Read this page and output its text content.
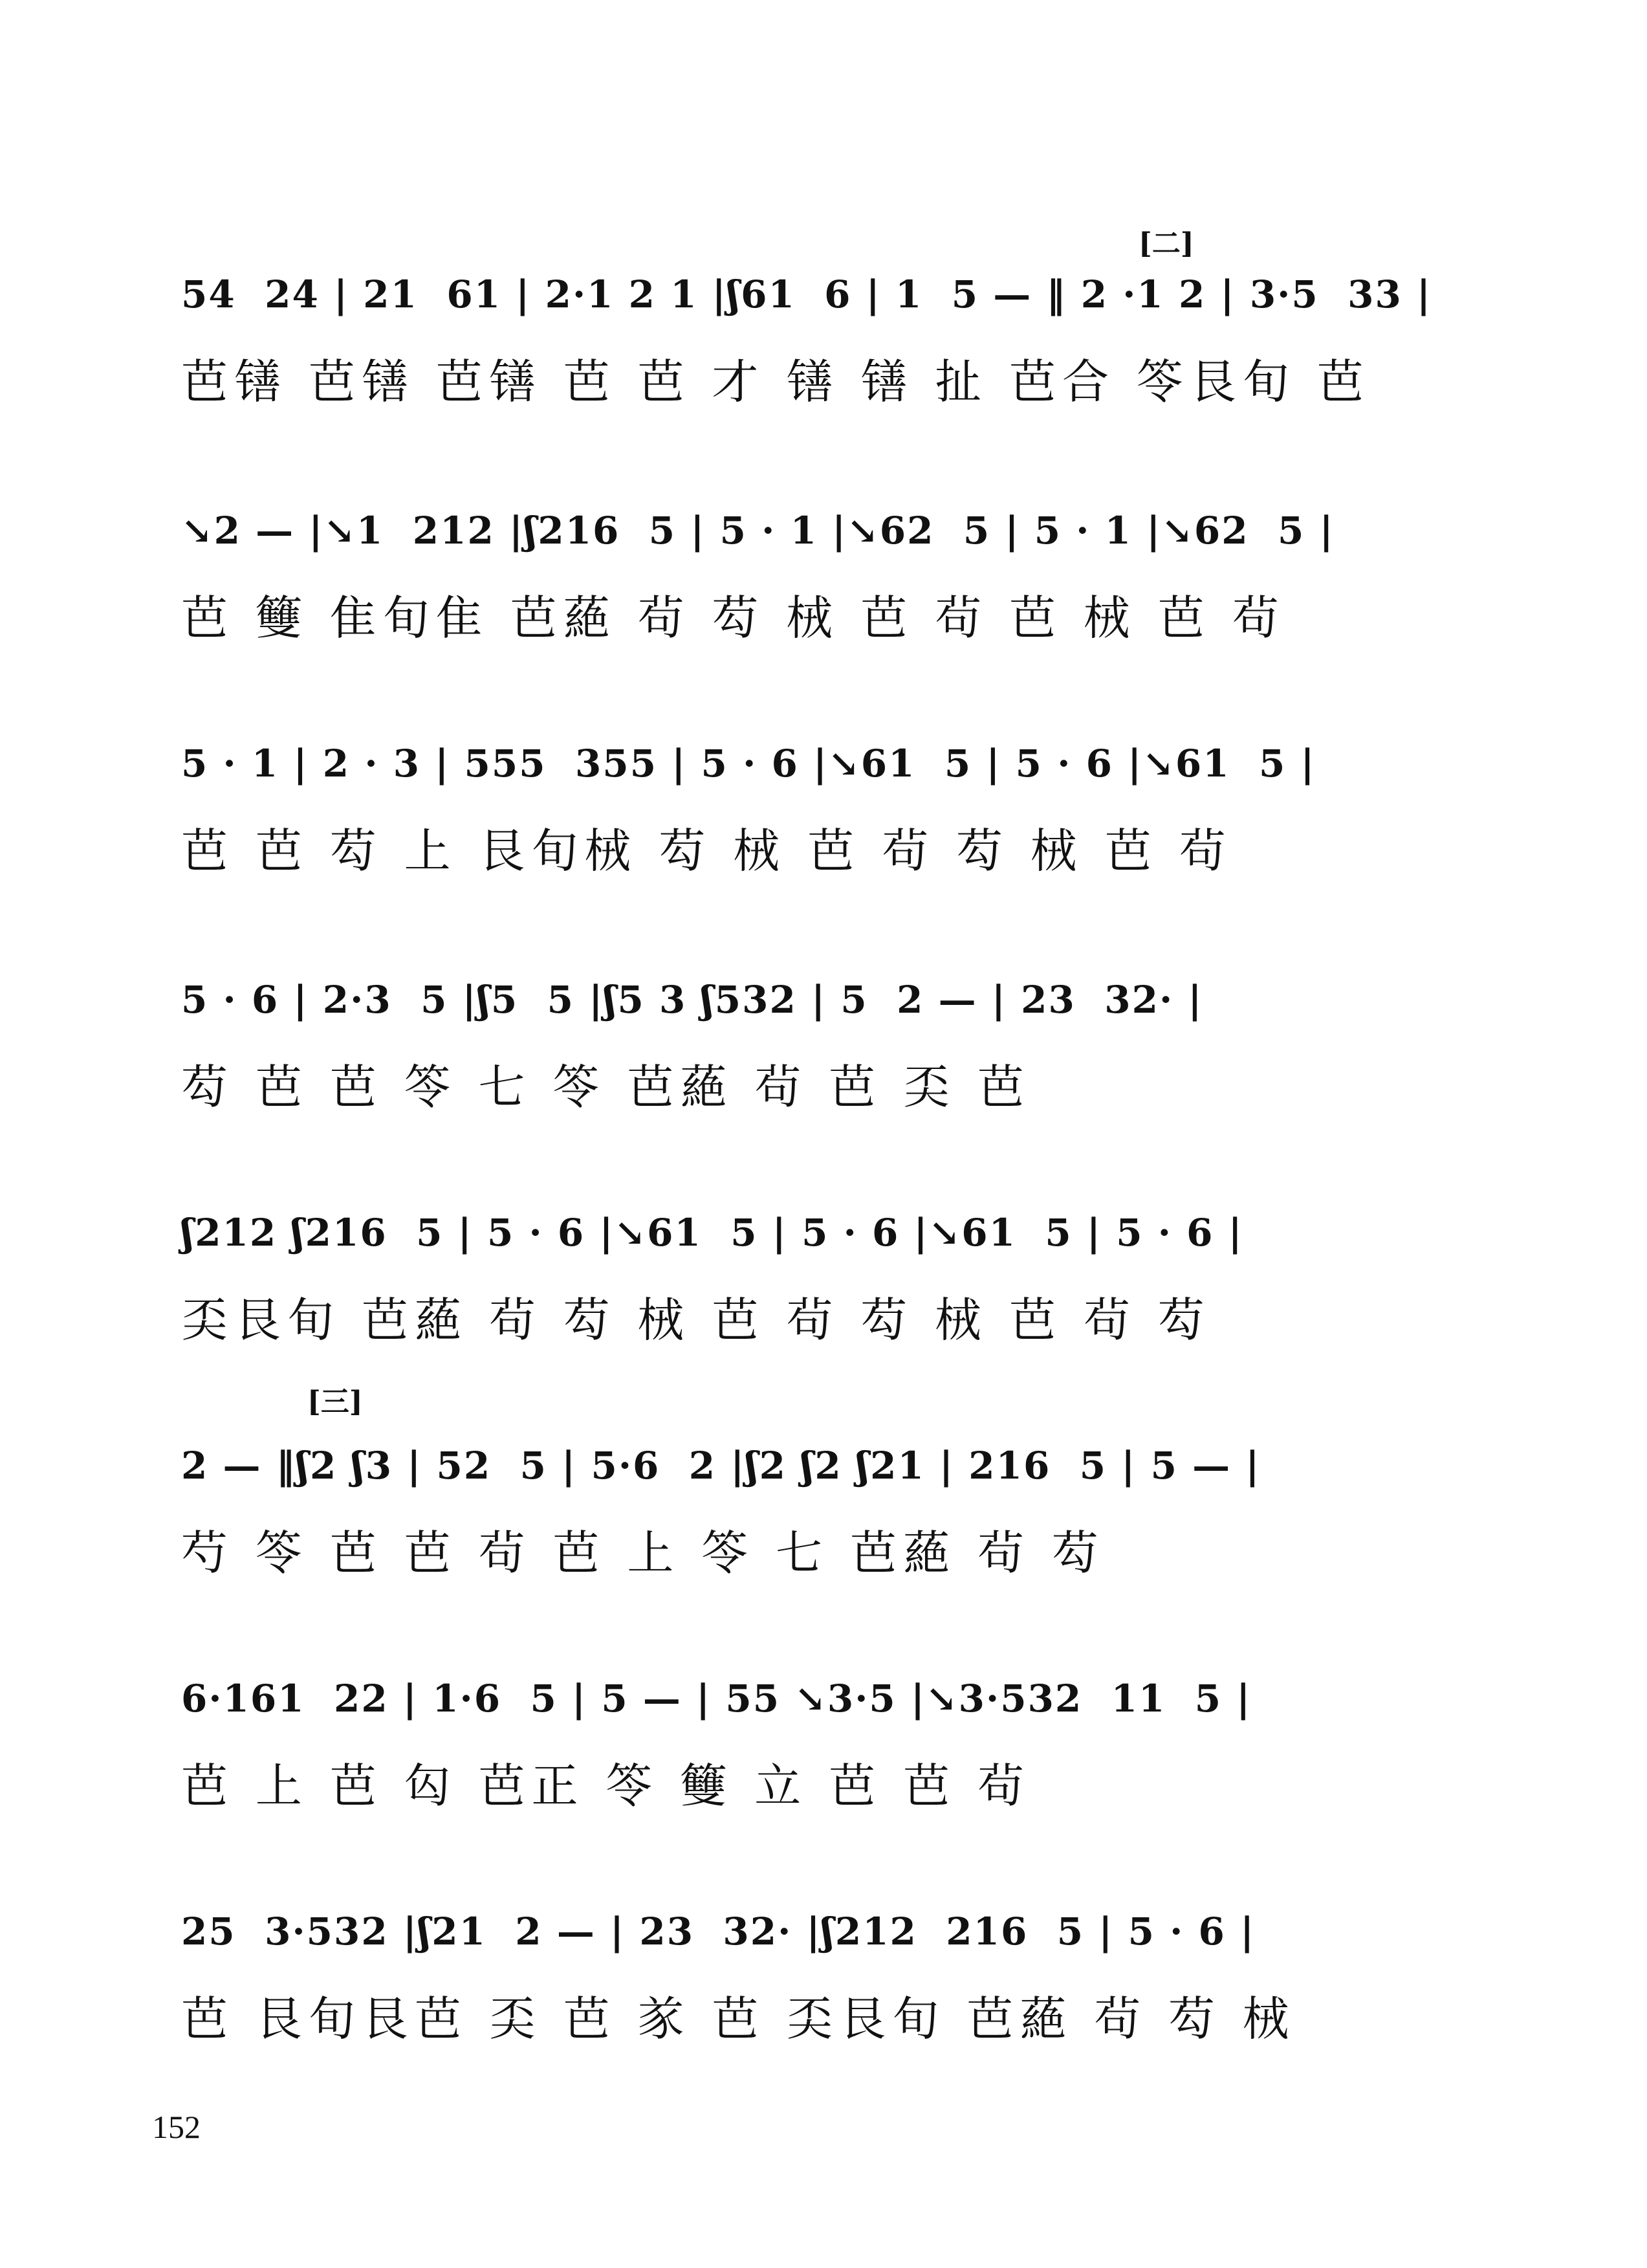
[二]
[三]
54  24 | 21  61 | 2·1 2 1 |ʃ61  6 | 1  5 — ‖ 2 ·1 2 | 3·5  33 |
芭䦅 芭䦅 芭䦅 芭 芭 才 䦅 䦅 扯 芭合 笭艮旬 芭
↘2 — |↘1  212 |ʃ216  5 | 5 · 1 |↘62  5 | 5 · 1 |↘62  5 |
芭 䉶 隹旬隹 芭蕝 茍 芶 㭜 芭 茍 芭 㭜 芭 茍
5 · 1 | 2 · 3 | 555  355 | 5 · 6 |↘61  5 | 5 · 6 |↘61  5 |
芭 芭 芶 上 艮旬㭜 芶 㭜 芭 茍 芶 㭜 芭 茍
5 · 6 | 2·3  5 |ʃ5  5 |ʃ5 3 ʃ532 | 5  2 — | 23  32· |
芶 芭 芭 笭 七 笭 芭蕝 茍 芭 奀 芭
ʃ212 ʃ216  5 | 5 · 6 |↘61  5 | 5 · 6 |↘61  5 | 5 · 6 |
奀艮旬 芭蕝 茍 芶 㭜 芭 茍 芶 㭜 芭 茍 芶
2 — ‖ʃ2 ʃ3 | 52  5 | 5·6  2 |ʃ2 ʃ2 ʃ21 | 216  5 | 5 — |
芍 笭 芭 芭 茍 芭 上 笭 七 芭蕝 茍 芶
6·161  22 | 1·6  5 | 5 — | 55 ↘3·5 |↘3·532  11  5 |
芭 上 芭 匃 芭正 笭 䉶 立 芭 芭 茍
25  3·532 |ʃ21  2 — | 23  32· |ʃ212  216  5 | 5 · 6 |
芭 艮旬艮芭 奀 芭 㒸 芭 奀艮旬 芭蕝 茍 芶 㭜
152
